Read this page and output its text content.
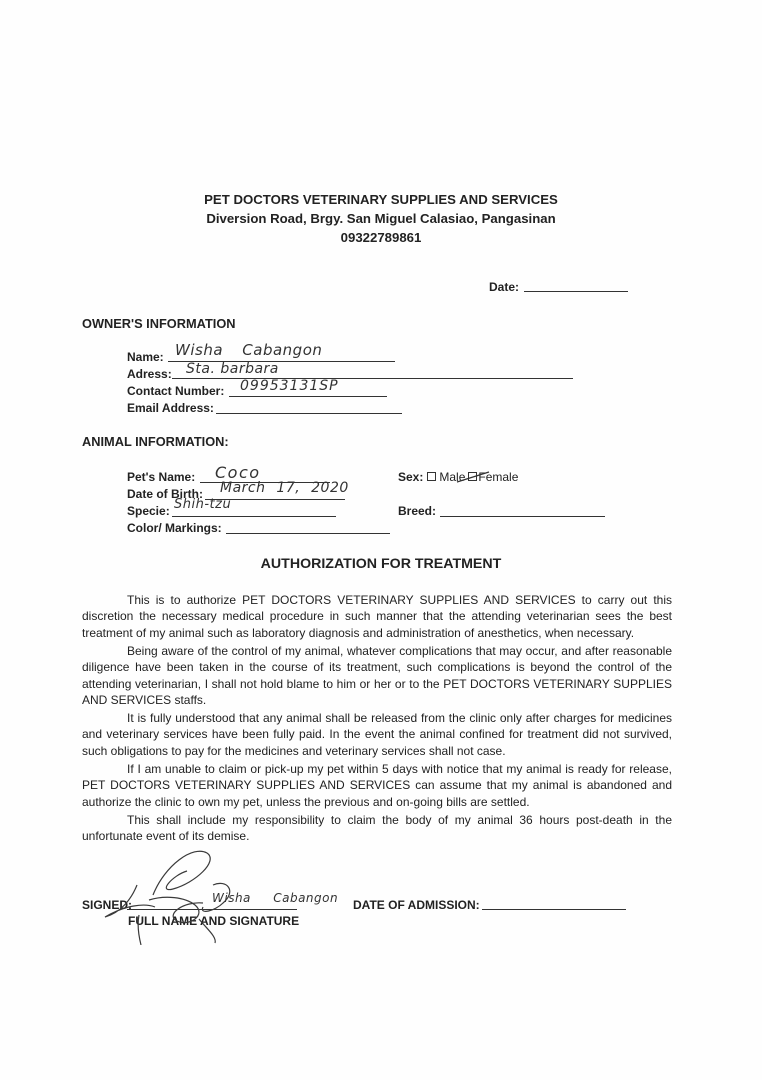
PET DOCTORS VETERINARY SUPPLIES AND SERVICES
Diversion Road, Brgy. San Miguel Calasiao, Pangasinan
09322789861
Date:
OWNER'S INFORMATION
Name: Wisha Cabangon
Adress: Sta. barbara
Contact Number: 09953131SP
Email Address:
ANIMAL INFORMATION:
Pet's Name: Coco
Date of Birth: March 17, 2020
Specie: Shih-tzu
Color/ Markings:
Sex: Male Female
Breed:
AUTHORIZATION FOR TREATMENT
This is to authorize PET DOCTORS VETERINARY SUPPLIES AND SERVICES to carry out this discretion the necessary medical procedure in such manner that the attending veterinarian sees the best treatment of my animal such as laboratory diagnosis and administration of anesthetics, when necessary.
Being aware of the control of my animal, whatever complications that may occur, and after reasonable diligence have been taken in the course of its treatment, such complications is beyond the control of the attending veterinarian, I shall not hold blame to him or her or to the PET DOCTORS VETERINARY SUPPLIES AND SERVICES staffs.
It is fully understood that any animal shall be released from the clinic only after charges for medicines and veterinary services have been fully paid. In the event the animal confined for treatment did not survived, such obligations to pay for the medicines and veterinary services shall not case.
If I am unable to claim or pick-up my pet within 5 days with notice that my animal is ready for release, PET DOCTORS VETERINARY SUPPLIES AND SERVICES can assume that my animal is abandoned and authorize the clinic to own my pet, unless the previous and on-going bills are settled.
This shall include my responsibility to claim the body of my animal 36 hours post-death in the unfortunate event of its demise.
SIGNED:
FULL NAME AND SIGNATURE
Wisha Cabangon DATE OF ADMISSION:
